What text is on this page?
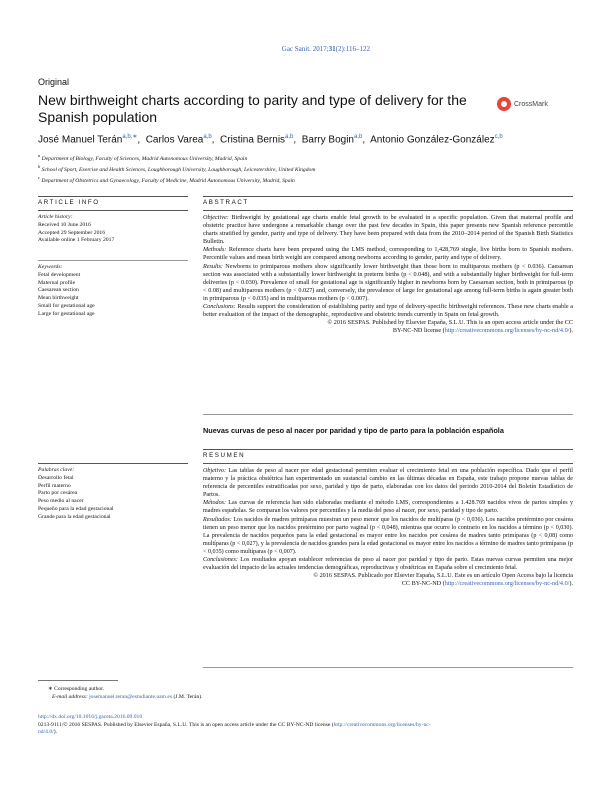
Gac Sanit. 2017;31(2):116–122
Original
New birthweight charts according to parity and type of delivery for the Spanish population
CrossMark
José Manuel Terán$^{a,b,∗}$,  Carlos Varea$^{a,b}$,  Cristina Bernis$^{a,b}$,  Barry Bogin$^{a,b}$,  Antonio González-González$^{c,b}$
$^a$ Department of Biology, Faculty of Sciences, Madrid Autonomous University, Madrid, Spain
$^b$ School of Sport, Exercise and Health Sciences, Loughborough University, Loughborough, Leicestershire, United Kingdom
$^c$ Department of Obstetrics and Gynaecology, Faculty of Medicine, Madrid Autonomous University, Madrid, Spain
ARTICLE INFO	ABSTRACT
Article history:
Received 10 June 2016
Accepted 29 September 2016
Available online 1 February 2017
Keywords:
Fetal development
Maternal profile
Caesarean section
Mean birthweight
Small for gestational age
Large for gestational age
Objective: Birthweight by gestational age charts enable fetal growth to be evaluated in a specific population. Given that maternal profile and obstetric practice have undergone a remarkable change over the past few decades in Spain, this paper presents new Spanish reference percentile charts stratified by gender, parity and type of delivery. They have been prepared with data from the 2010–2014 period of the Spanish Birth Statistics Bulletin.
Methods: Reference charts have been prepared using the LMS method, corresponding to 1,428,769 single, live births born to Spanish mothers. Percentile values and mean birth weight are compared among newborns according to gender, parity and type of delivery.
Results: Newborns to primiparous mothers show significantly lower birthweight than those born to multiparous mothers (p < 0.036). Caesarean section was associated with a substantially lower birthweight in preterm births (p < 0.048), and with a substantially higher birthweight for full-term deliveries (p < 0.030). Prevalence of small for gestational age is significantly higher in newborns born by Caesarean section, both in primiparous (p < 0.08) and multiparous mothers (p < 0.027) and, conversely, the prevalence of large for gestational age among full-term births is again greater both in primiparous (p < 0.035) and in multiparous mothers (p < 0.007).
Conclusions: Results support the consideration of establishing parity and type of delivery-specific birthweight references. These new charts enable a better evaluation of the impact of the demographic, reproductive and obstetric trends currently in Spain on fetal growth.
© 2016 SESPAS. Published by Elsevier España, S.L.U. This is an open access article under the CC
BY-NC-ND license (http://creativecommons.org/licenses/by-nc-nd/4.0/).
Nuevas curvas de peso al nacer por paridad y tipo de parto para la población española
RESUMEN
Palabras clave:
Desarrollo fetal
Perfil materno
Parto por cesárea
Peso medio al nacer
Pequeño para la edad gestacional
Grande para la edad gestacional
Objetivo: Las tablas de peso al nacer por edad gestacional permiten evaluar el crecimiento fetal en una población específica. Dado que el perfil materno y la práctica obstétrica han experimentado un sustancial cambio en las últimas décadas en España, este trabajo propone nuevas tablas de referencia de percentiles estratificadas por sexo, paridad y tipo de parto, elaboradas con los datos del periodo 2010-2014 del Boletín Estadístico de Partos.
Métodos: Las curvas de referencia han sido elaboradas mediante el método LMS, correspondientes a 1.428.769 nacidos vivos de partos simples y madres españolas. Se comparan los valores por percentiles y la media del peso al nacer, por sexo, paridad y tipo de parto.
Resultados: Los nacidos de madres primíparas muestran un peso menor que los nacidos de multíparas (p < 0,036). Los nacidos pretérmino por cesárea tienen un peso menor que los nacidos pretérmino por parto vaginal (p < 0,048), mientras que ocurre lo contrario en los nacidos a término (p < 0,030). La prevalencia de nacidos pequeños para la edad gestacional es mayor entre los nacidos por cesárea de madres tanto primíparas (p < 0,08) como multíparas (p < 0,027), y la prevalencia de nacidos grandes para la edad gestacional es mayor entre los nacidos a término de madres tanto primíparas (p < 0,035) como multíparas (p < 0,007).
Conclusiones: Los resultados apoyan establecer referencias de peso al nacer por paridad y tipo de parto. Estas nuevas curvas permiten una mejor evaluación del impacto de las actuales tendencias demográficas, reproductivas y obstétricas en España sobre el crecimiento fetal.
© 2016 SESPAS. Publicado por Elsevier España, S.L.U. Este es un artículo Open Access bajo la licencia
CC BY-NC-ND (http://creativecommons.org/licenses/by-nc-nd/4.0/).
∗ Corresponding author.
E-mail address: josemanuel.teran@estudiante.uam.es (J.M. Terán).
http://dx.doi.org/10.1016/j.gaceta.2016.09.016
0213-9111/© 2016 SESPAS. Published by Elsevier España, S.L.U. This is an open access article under the CC BY-NC-ND license (http://creativecommons.org/licenses/by-nc-
nd/4.0/).
